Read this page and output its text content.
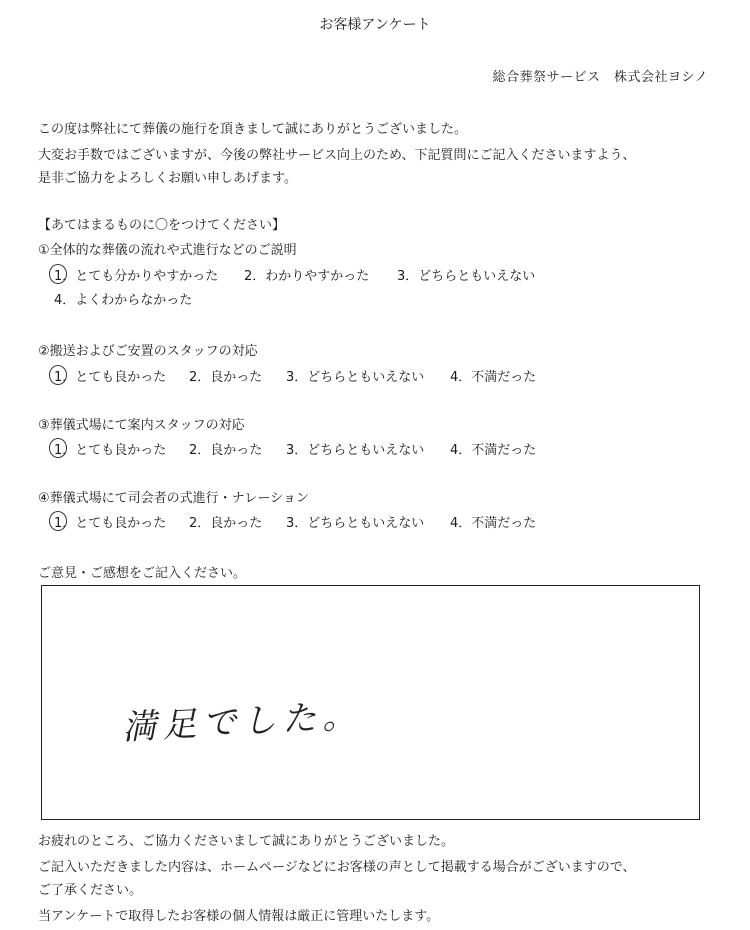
お客様アンケート
総合葬祭サービス　株式会社ヨシノ
この度は弊社にて葬儀の施行を頂きまして誠にありがとうございました。
大変お手数ではございますが、今後の弊社サービス向上のため、下記質問にご記入くださいますよう、
是非ご協力をよろしくお願い申しあげます。
【あてはまるものに〇をつけてください】
①全体的な葬儀の流れや式進行などのご説明
1．とても分かりやすかった 2．わかりやすかった 3．どちらともいえない
4．よくわからなかった
②搬送およびご安置のスタッフの対応
1．とても良かった 2．良かった 3．どちらともいえない 4．不満だった
③葬儀式場にて案内スタッフの対応
1．とても良かった 2．良かった 3．どちらともいえない 4．不満だった
④葬儀式場にて司会者の式進行・ナレーション
1．とても良かった 2．良かった 3．どちらともいえない 4．不満だった
ご意見・ご感想をご記入ください。
満足でした。
お疲れのところ、ご協力くださいまして誠にありがとうございました。
ご記入いただきました内容は、ホームページなどにお客様の声として掲載する場合がございますので、
ご了承ください。
当アンケートで取得したお客様の個人情報は厳正に管理いたします。
